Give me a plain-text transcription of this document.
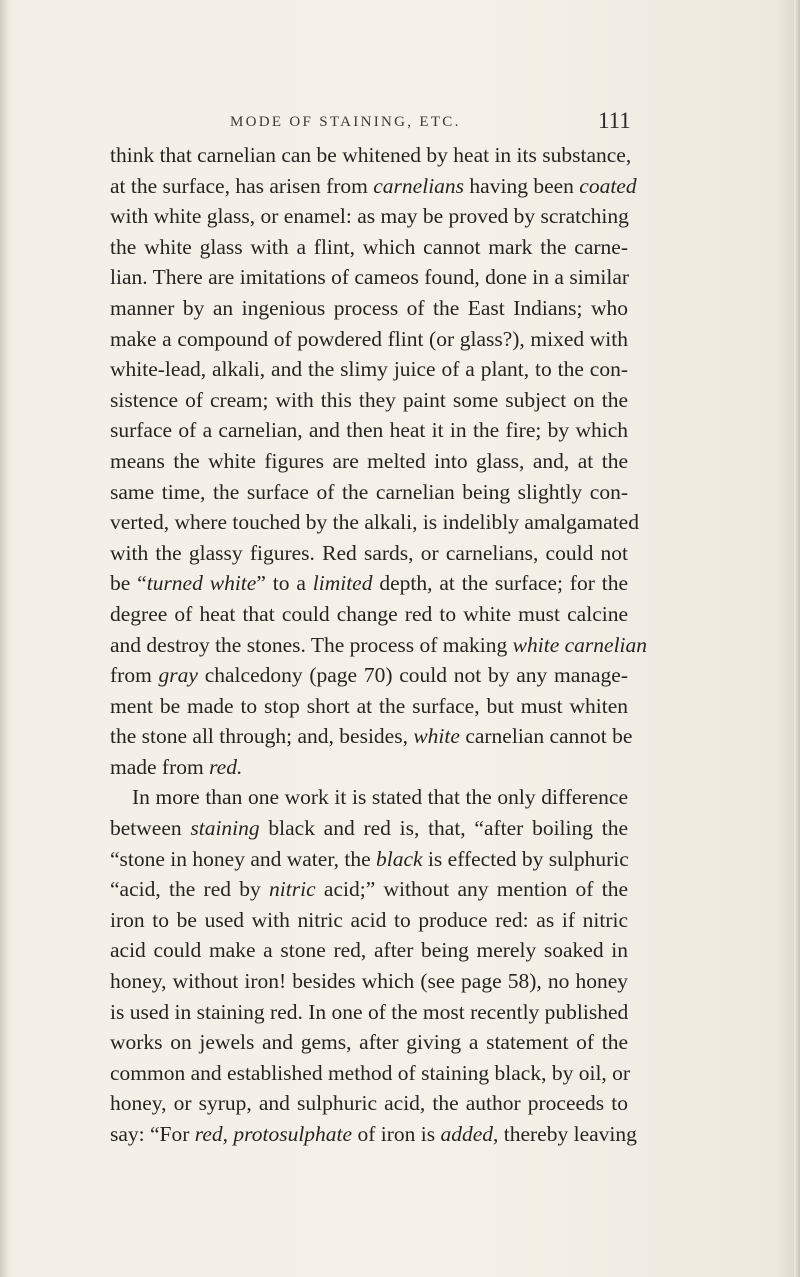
MODE OF STAINING, ETC.	111
think that carnelian can be whitened by heat in its substance,
at the surface, has arisen from carnelians having been coated
with white glass, or enamel: as may be proved by scratching
the white glass with a flint, which cannot mark the carne-
lian. There are imitations of cameos found, done in a similar
manner by an ingenious process of the East Indians; who
make a compound of powdered flint (or glass?), mixed with
white-lead, alkali, and the slimy juice of a plant, to the con-
sistence of cream; with this they paint some subject on the
surface of a carnelian, and then heat it in the fire; by which
means the white figures are melted into glass, and, at the
same time, the surface of the carnelian being slightly con-
verted, where touched by the alkali, is indelibly amalgamated
with the glassy figures. Red sards, or carnelians, could not
be “turned white” to a limited depth, at the surface; for the
degree of heat that could change red to white must calcine
and destroy the stones. The process of making white carnelian
from gray chalcedony (page 70) could not by any manage-
ment be made to stop short at the surface, but must whiten
the stone all through; and, besides, white carnelian cannot be
made from red.
In more than one work it is stated that the only difference
between staining black and red is, that, “after boiling the
“stone in honey and water, the black is effected by sulphuric
“acid, the red by nitric acid;” without any mention of the
iron to be used with nitric acid to produce red: as if nitric
acid could make a stone red, after being merely soaked in
honey, without iron! besides which (see page 58), no honey
is used in staining red. In one of the most recently published
works on jewels and gems, after giving a statement of the
common and established method of staining black, by oil, or
honey, or syrup, and sulphuric acid, the author proceeds to
say: “For red, protosulphate of iron is added, thereby leaving
